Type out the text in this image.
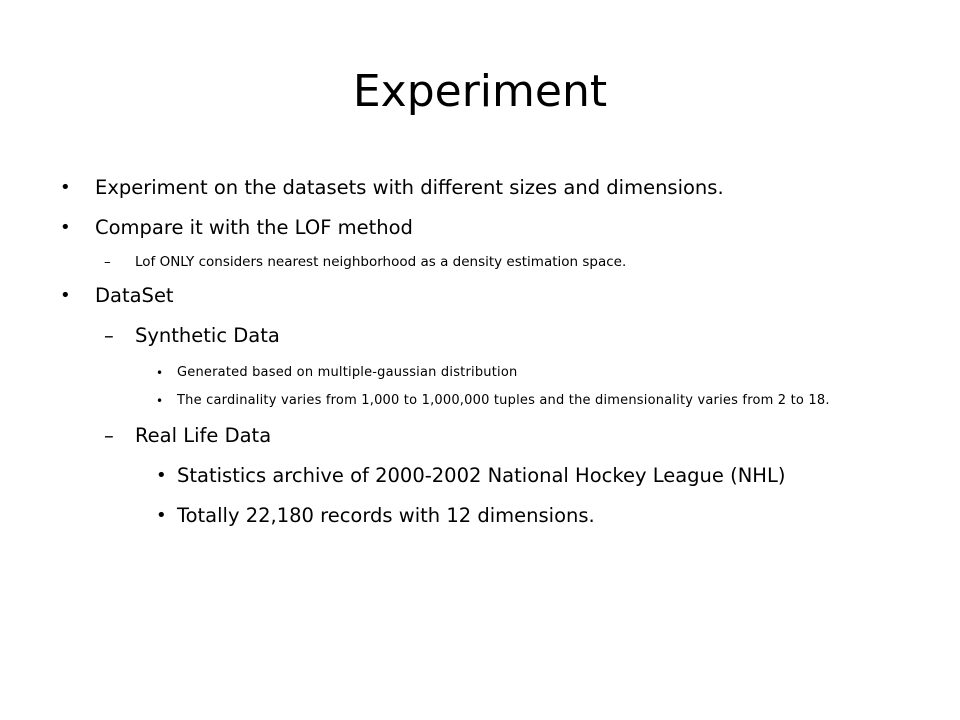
Experiment
• Experiment on the datasets with different sizes and dimensions.
• Compare it with the LOF method
– Lof ONLY considers nearest neighborhood as a density estimation space.
• DataSet
– Synthetic Data
• Generated based on multiple-gaussian distribution
• The cardinality varies from 1,000 to 1,000,000 tuples and the dimensionality varies from 2 to 18.
– Real Life Data
• Statistics archive of 2000-2002 National Hockey League (NHL)
• Totally 22,180 records with 12 dimensions.
